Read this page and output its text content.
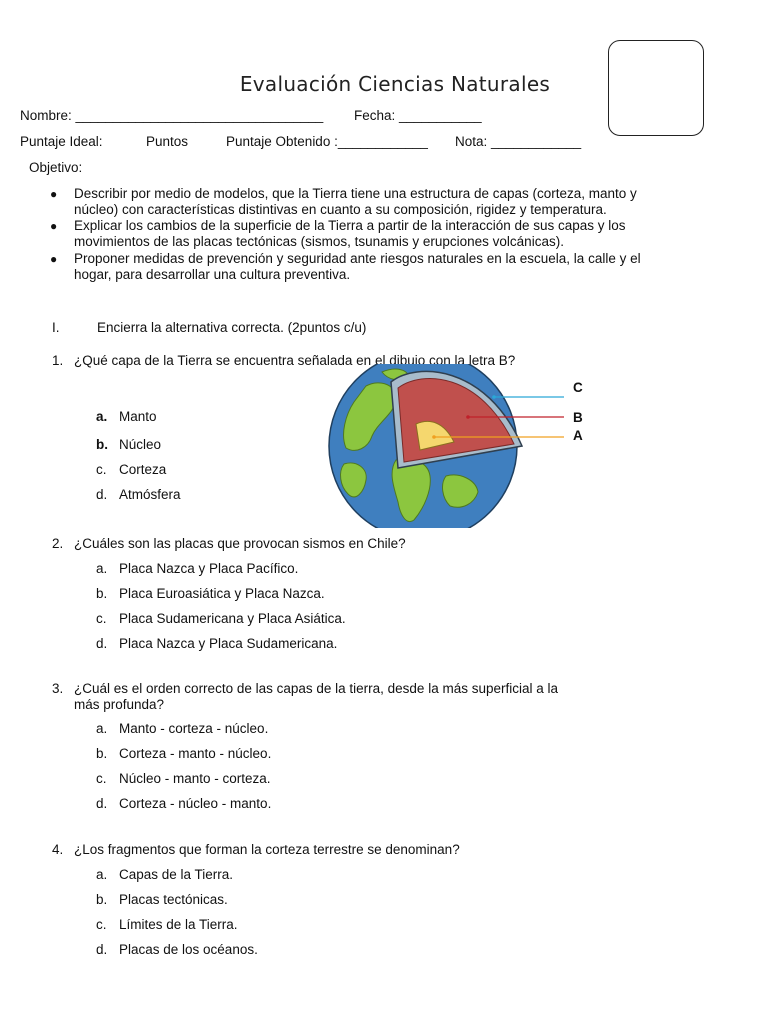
Evaluación Ciencias Naturales
Nombre: _________________________________ Fecha: ___________
Puntaje Ideal:	Puntos	Puntaje Obtenido :____________ Nota: ____________
Objetivo:
● Describir por medio de modelos, que la Tierra tiene una estructura de capas (corteza, manto y
núcleo) con características distintivas en cuanto a su composición, rigidez y temperatura.
● Explicar los cambios de la superficie de la Tierra a partir de la interacción de sus capas y los
movimientos de las placas tectónicas (sismos, tsunamis y erupciones volcánicas).
● Proponer medidas de prevención y seguridad ante riesgos naturales en la escuela, la calle y el
hogar, para desarrollar una cultura preventiva.
I.	Encierra la alternativa correcta. (2puntos c/u)
1. ¿Qué capa de la Tierra se encuentra señalada en el dibujo con la letra B?
a. Manto
b. Núcleo
c. Corteza
d. Atmósfera
C
B
A
2. ¿Cuáles son las placas que provocan sismos en Chile?
a. Placa Nazca y Placa Pacífico.
b. Placa Euroasiática y Placa Nazca.
c. Placa Sudamericana y Placa Asiática.
d. Placa Nazca y Placa Sudamericana.
3. ¿Cuál es el orden correcto de las capas de la tierra, desde la más superficial a la
más profunda?
a. Manto - corteza - núcleo.
b. Corteza - manto - núcleo.
c. Núcleo - manto - corteza.
d. Corteza - núcleo - manto.
4. ¿Los fragmentos que forman la corteza terrestre se denominan?
a. Capas de la Tierra.
b. Placas tectónicas.
c. Límites de la Tierra.
d. Placas de los océanos.
